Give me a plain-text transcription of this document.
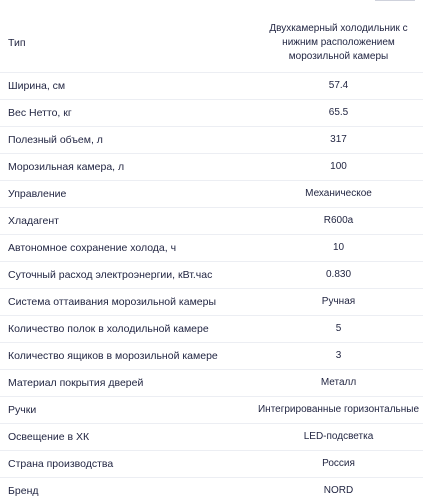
Тип	Двухкамерный холодильник с нижним расположением морозильной камеры
Ширина, см	57.4
Вес Нетто, кг	65.5
Полезный объем, л	317
Морозильная камера, л	100
Управление	Механическое
Хладагент	R600a
Автономное сохранение холода, ч	10
Суточный расход электроэнергии, кВт.час	0.830
Система оттаивания морозильной камеры	Ручная
Количество полок в холодильной камере	5
Количество ящиков в морозильной камере	3
Материал покрытия дверей	Металл
Ручки	Интегрированные горизонтальные
Освещение в ХК	LED-подсветка
Страна производства	Россия
Бренд	NORD
